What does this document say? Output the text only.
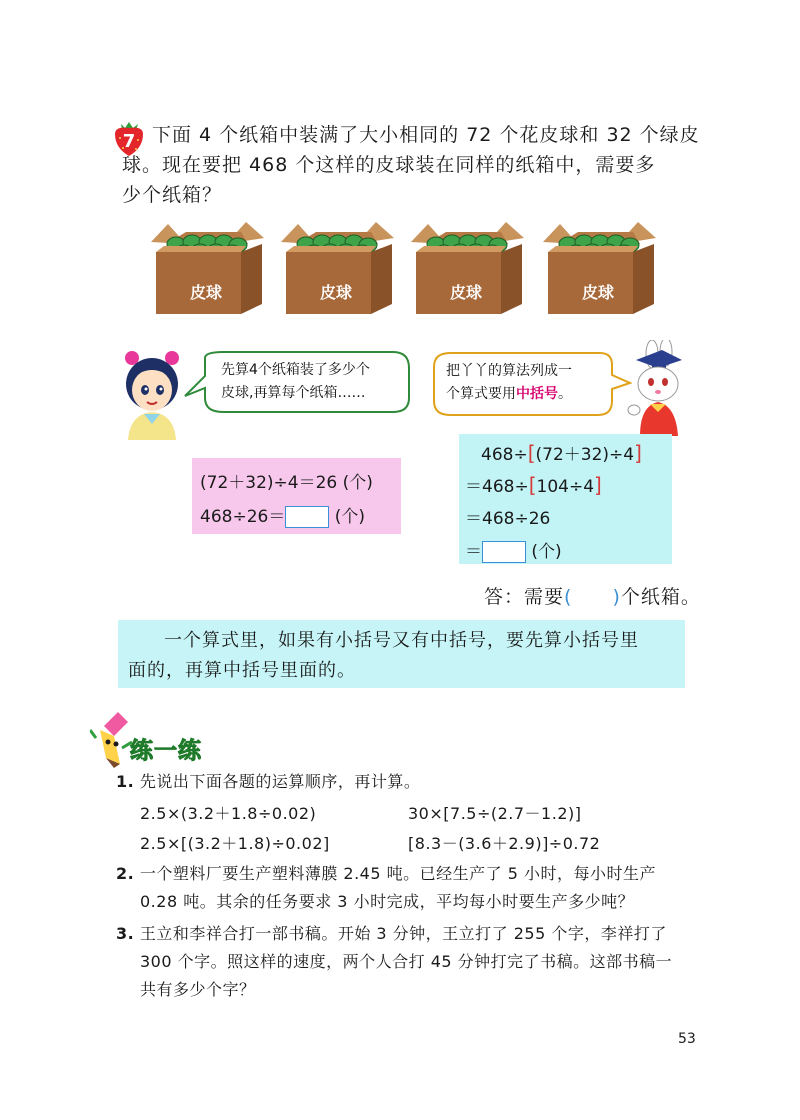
7 下面 4 个纸箱中装满了大小相同的 72 个花皮球和 32 个绿皮

球。现在要把 468 个这样的皮球装在同样的纸箱中，需要多

少个纸箱？

皮球	皮球	皮球	皮球
先算4个纸箱装了多少个
皮球,再算每个纸箱……
把丫丫的算法列成一
个算式要用中括号。
(72＋32)÷4＝26 (个)
468÷26＝	(个)
468÷[(72＋32)÷4]
＝468÷[104÷4]
＝468÷26
＝	(个)
答：需要( )个纸箱。
一个算式里，如果有小括号又有中括号，要先算小括号里
面的，再算中括号里面的。
练一练
1. 先说出下面各题的运算顺序，再计算。
2.5×(3.2＋1.8÷0.02)	30×[7.5÷(2.7－1.2)]
2.5×[(3.2＋1.8)÷0.02]	[8.3－(3.6＋2.9)]÷0.72
2. 一个塑料厂要生产塑料薄膜 2.45 吨。已经生产了 5 小时，每小时生产
0.28 吨。其余的任务要求 3 小时完成，平均每小时要生产多少吨？
3. 王立和李祥合打一部书稿。开始 3 分钟，王立打了 255 个字，李祥打了
300 个字。照这样的速度，两个人合打 45 分钟打完了书稿。这部书稿一
共有多少个字？
53
